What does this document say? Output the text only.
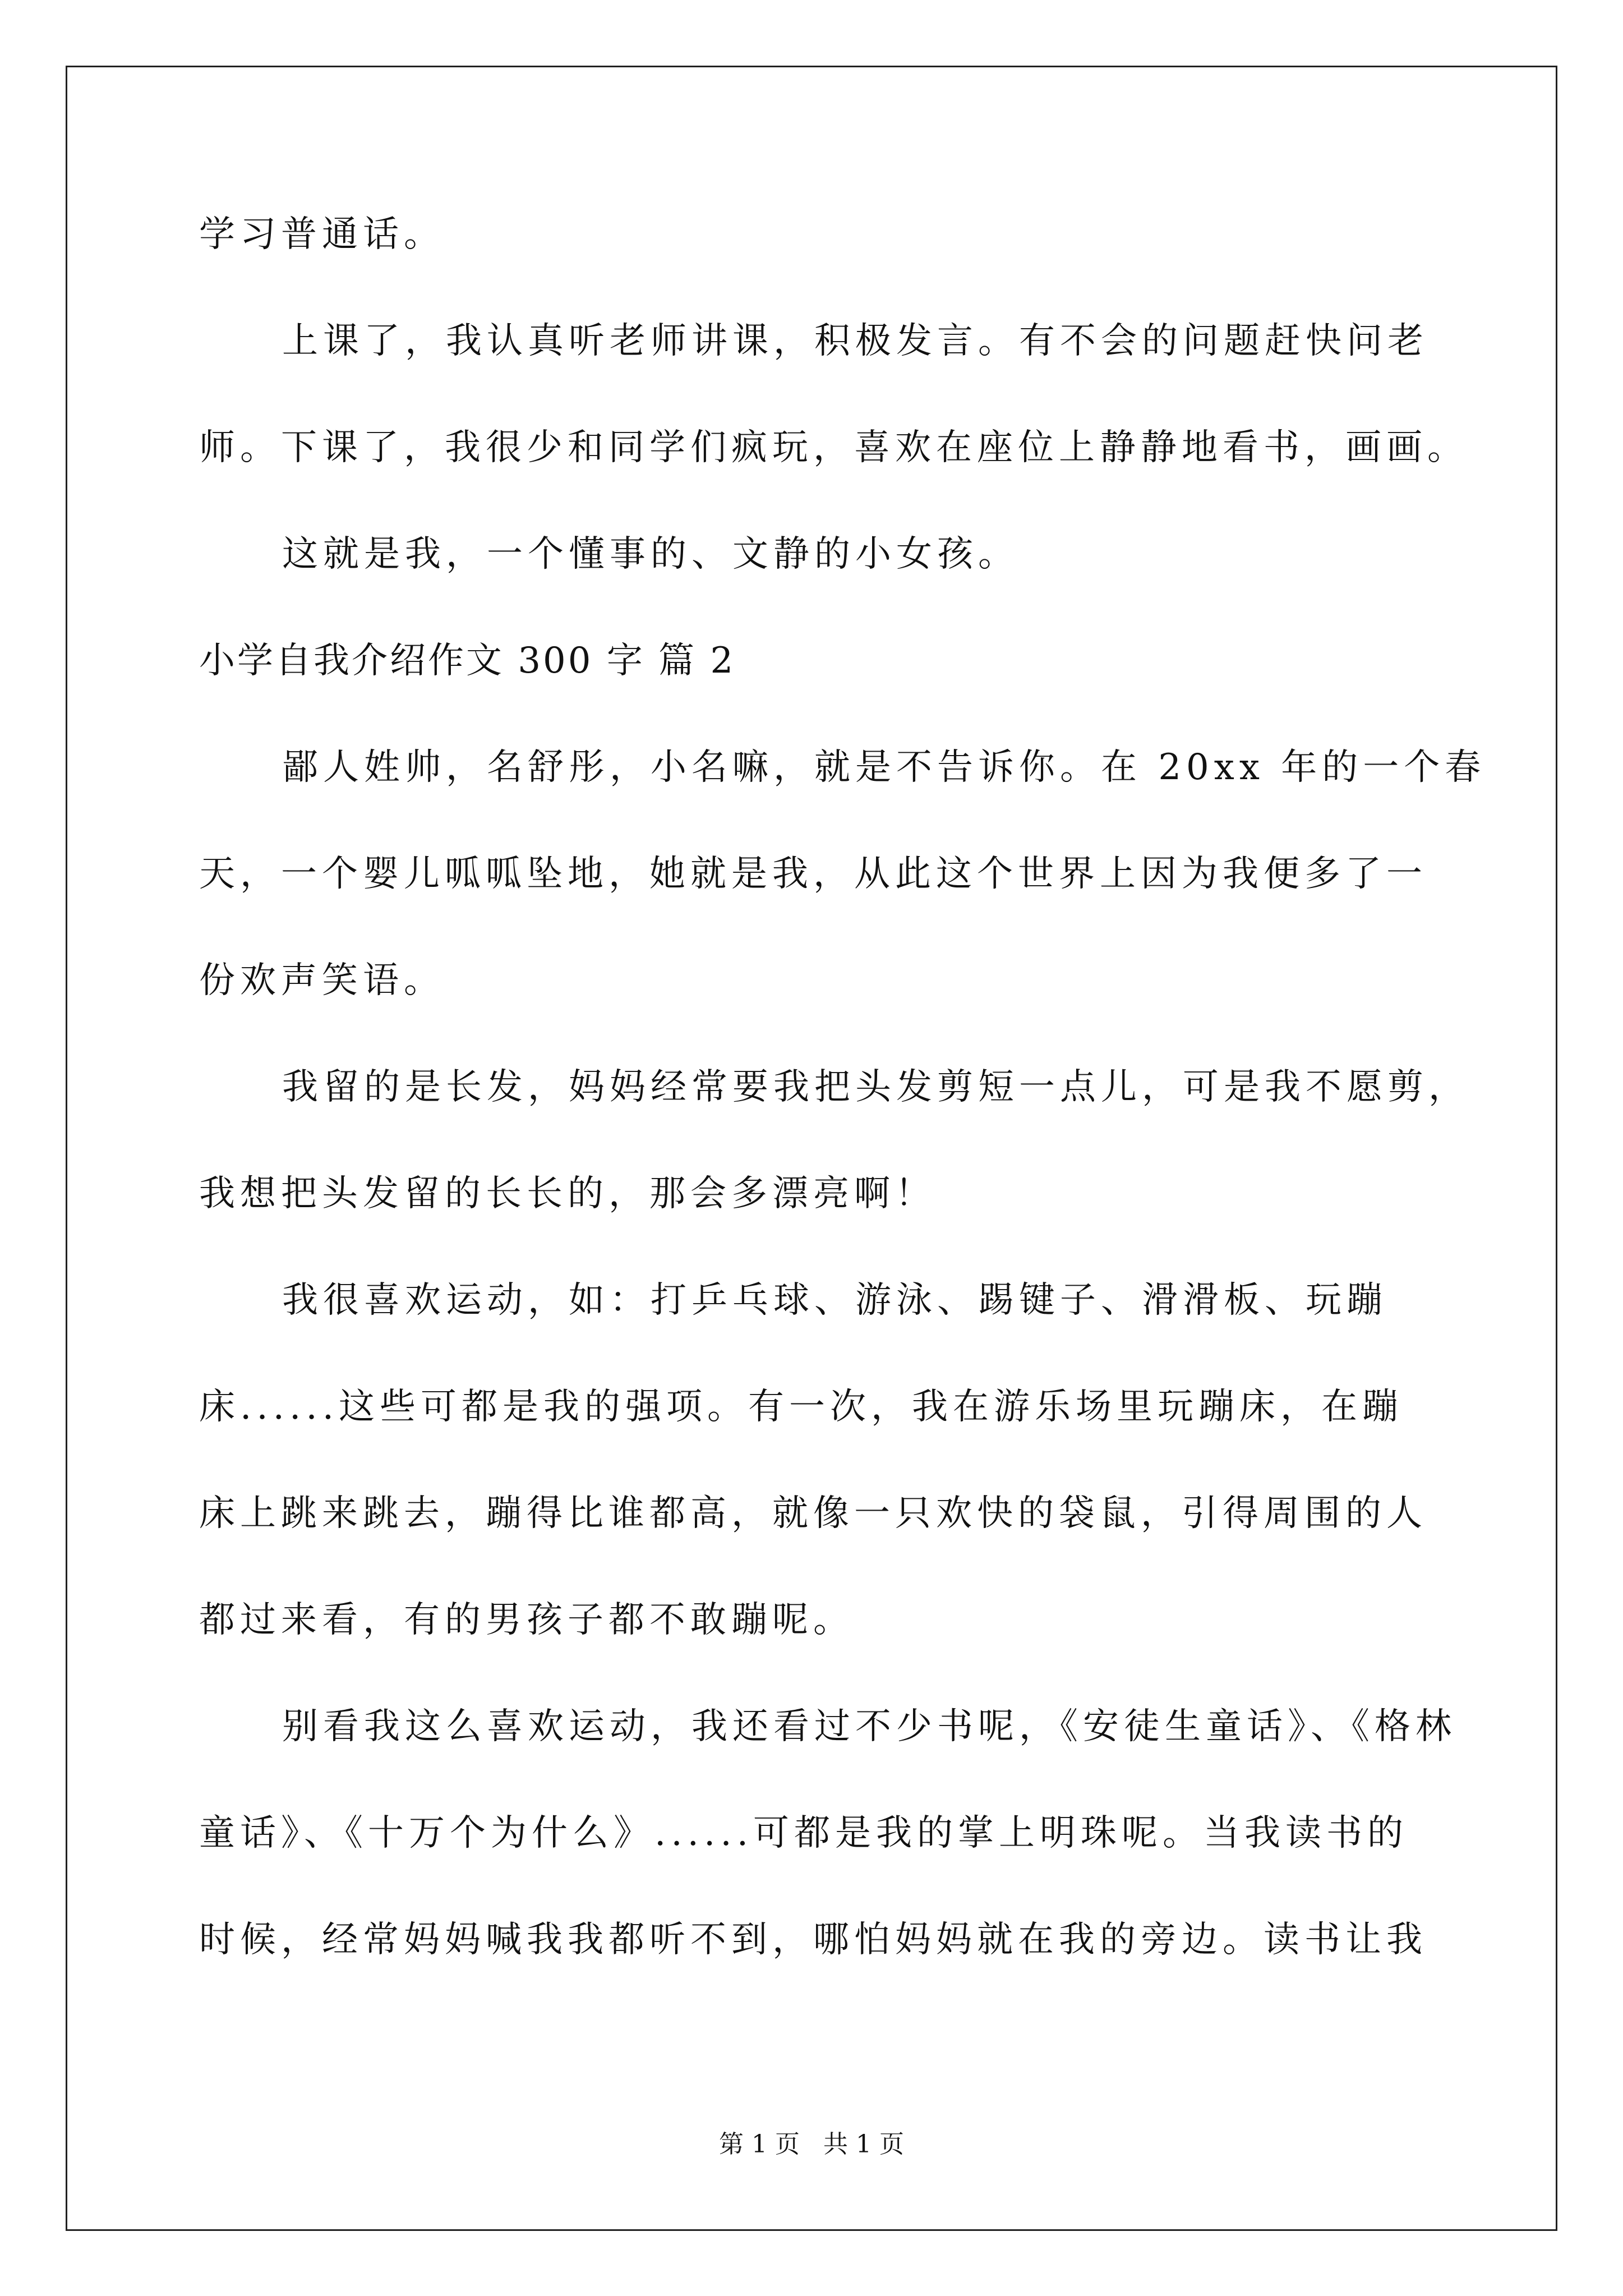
学习普通话。
上课了，我认真听老师讲课，积极发言。有不会的问题赶快问老
师。下课了，我很少和同学们疯玩，喜欢在座位上静静地看书，画画。
这就是我，一个懂事的、文静的小女孩。
小学自我介绍作文 300 字 篇 2
鄙人姓帅，名舒彤，小名嘛，就是不告诉你。在 20xx 年的一个春
天，一个婴儿呱呱坠地，她就是我，从此这个世界上因为我便多了一
份欢声笑语。
我留的是长发，妈妈经常要我把头发剪短一点儿，可是我不愿剪，
我想把头发留的长长的，那会多漂亮啊！
我很喜欢运动，如：打乒乓球、游泳、踢键子、滑滑板、玩蹦
床......这些可都是我的强项。有一次，我在游乐场里玩蹦床，在蹦
床上跳来跳去，蹦得比谁都高，就像一只欢快的袋鼠，引得周围的人
都过来看，有的男孩子都不敢蹦呢。
别看我这么喜欢运动，我还看过不少书呢，《安徒生童话》、《格林
童话》、《十万个为什么》......可都是我的掌上明珠呢。当我读书的
时候，经常妈妈喊我我都听不到，哪怕妈妈就在我的旁边。读书让我
第 1 页 共 1 页
